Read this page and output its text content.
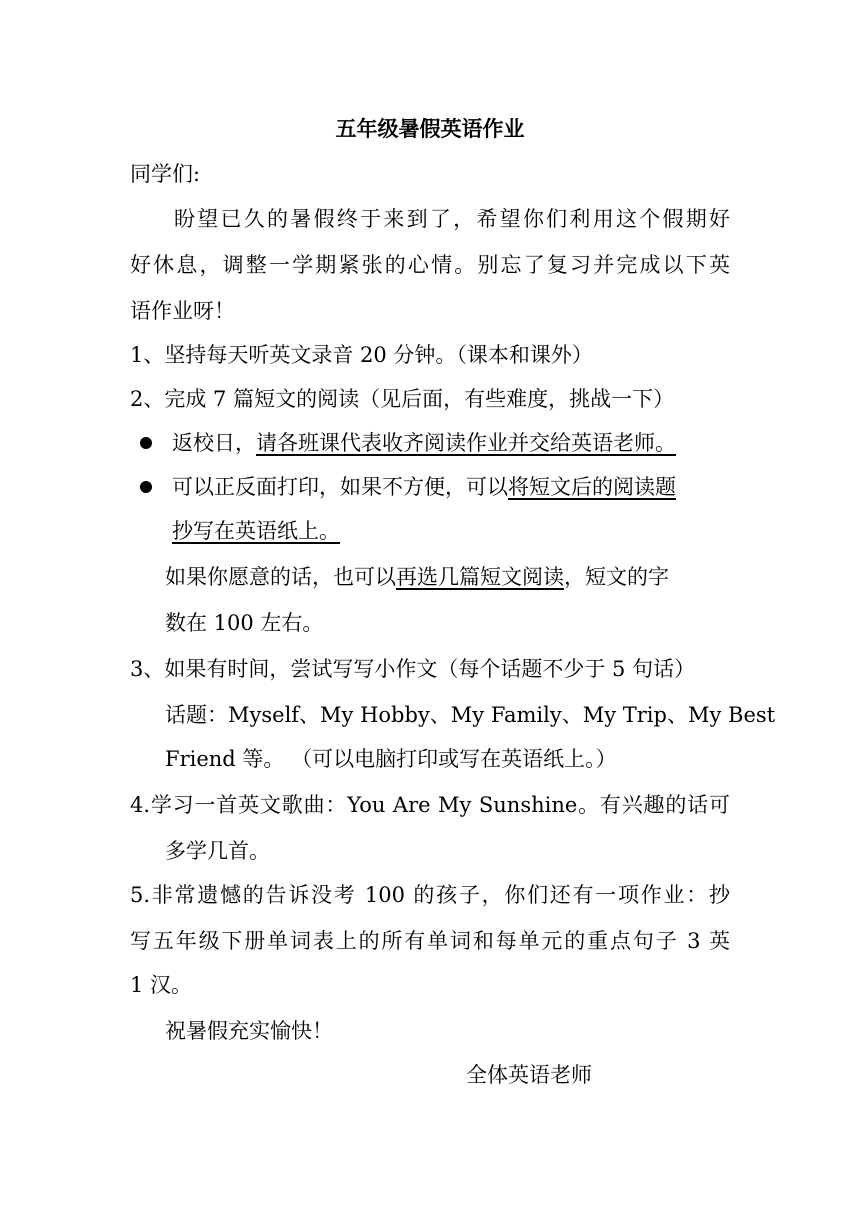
五年级暑假英语作业
同学们:
盼望已久的暑假终于来到了，希望你们利用这个假期好
好休息，调整一学期紧张的心情。别忘了复习并完成以下英
语作业呀！
1、坚持每天听英文录音 20 分钟。（课本和课外）
2、完成 7 篇短文的阅读（见后面，有些难度，挑战一下）
返校日，请各班课代表收齐阅读作业并交给英语老师。
可以正反面打印，如果不方便，可以将短文后的阅读题
抄写在英语纸上。
如果你愿意的话，也可以再选几篇短文阅读，短文的字
数在 100 左右。
3、如果有时间，尝试写写小作文（每个话题不少于 5 句话）
话题：Myself、My Hobby、My Family、My Trip、My Best
Friend 等。 （可以电脑打印或写在英语纸上。）
4.学习一首英文歌曲：You Are My Sunshine。有兴趣的话可
多学几首。
5.非常遗憾的告诉没考 100 的孩子，你们还有一项作业：抄
写五年级下册单词表上的所有单词和每单元的重点句子 3 英
1 汉。
祝暑假充实愉快！
全体英语老师
